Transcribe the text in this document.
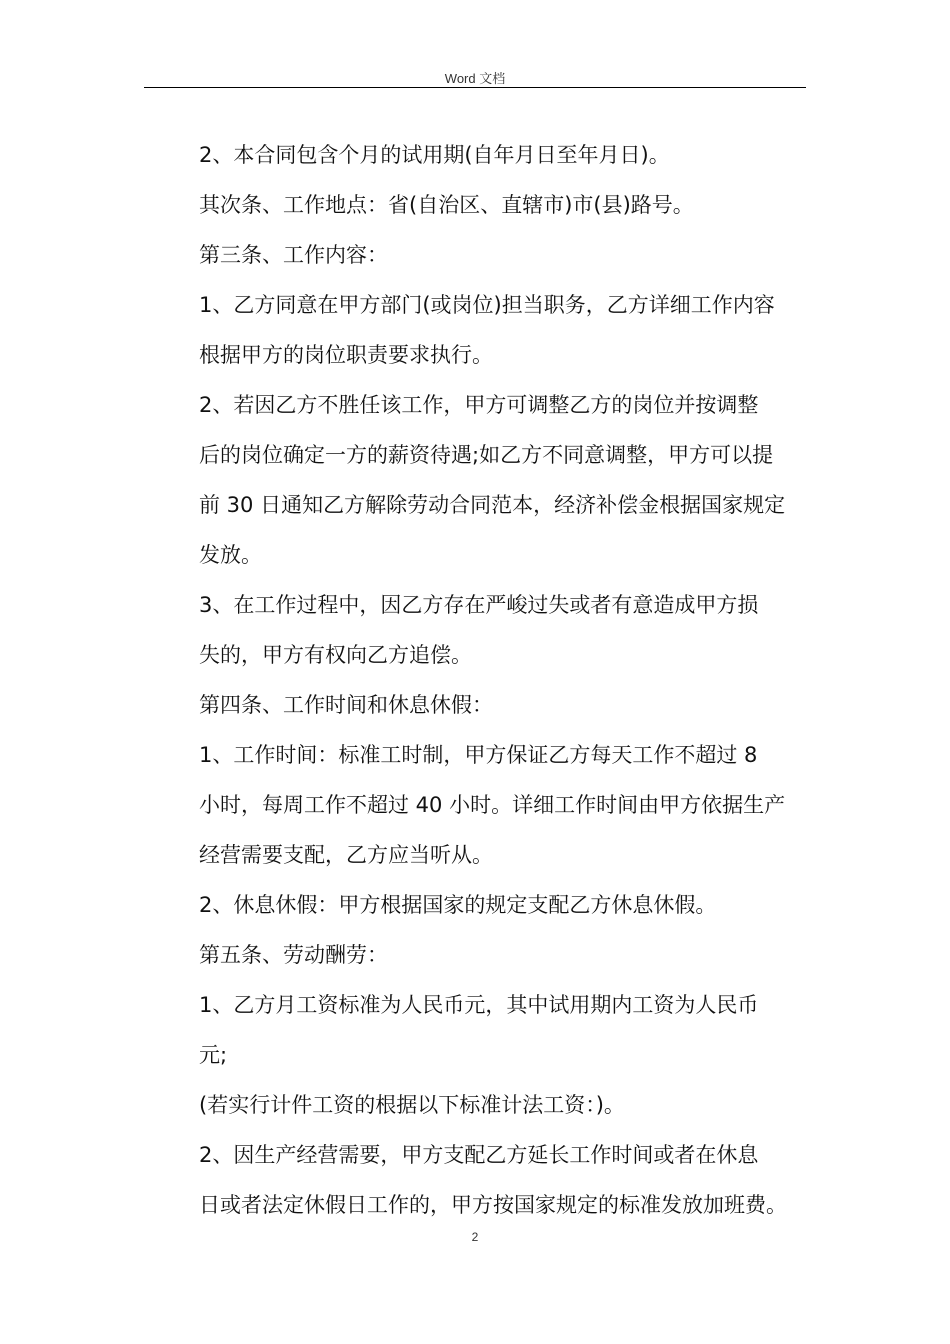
Word 文档
2、本合同包含个月的试用期(自年月日至年月日)。
其次条、工作地点：省(自治区、直辖市)市(县)路号。
第三条、工作内容：
1、乙方同意在甲方部门(或岗位)担当职务，乙方详细工作内容
根据甲方的岗位职责要求执行。
2、若因乙方不胜任该工作，甲方可调整乙方的岗位并按调整
后的岗位确定一方的薪资待遇;如乙方不同意调整，甲方可以提
前 30 日通知乙方解除劳动合同范本，经济补偿金根据国家规定
发放。
3、在工作过程中，因乙方存在严峻过失或者有意造成甲方损
失的，甲方有权向乙方追偿。
第四条、工作时间和休息休假：
1、工作时间：标准工时制，甲方保证乙方每天工作不超过 8
小时，每周工作不超过 40 小时。详细工作时间由甲方依据生产
经营需要支配，乙方应当听从。
2、休息休假：甲方根据国家的规定支配乙方休息休假。
第五条、劳动酬劳：
1、乙方月工资标准为人民币元，其中试用期内工资为人民币
元;
(若实行计件工资的根据以下标准计法工资：)。
2、因生产经营需要，甲方支配乙方延长工作时间或者在休息
日或者法定休假日工作的，甲方按国家规定的标准发放加班费。
2
